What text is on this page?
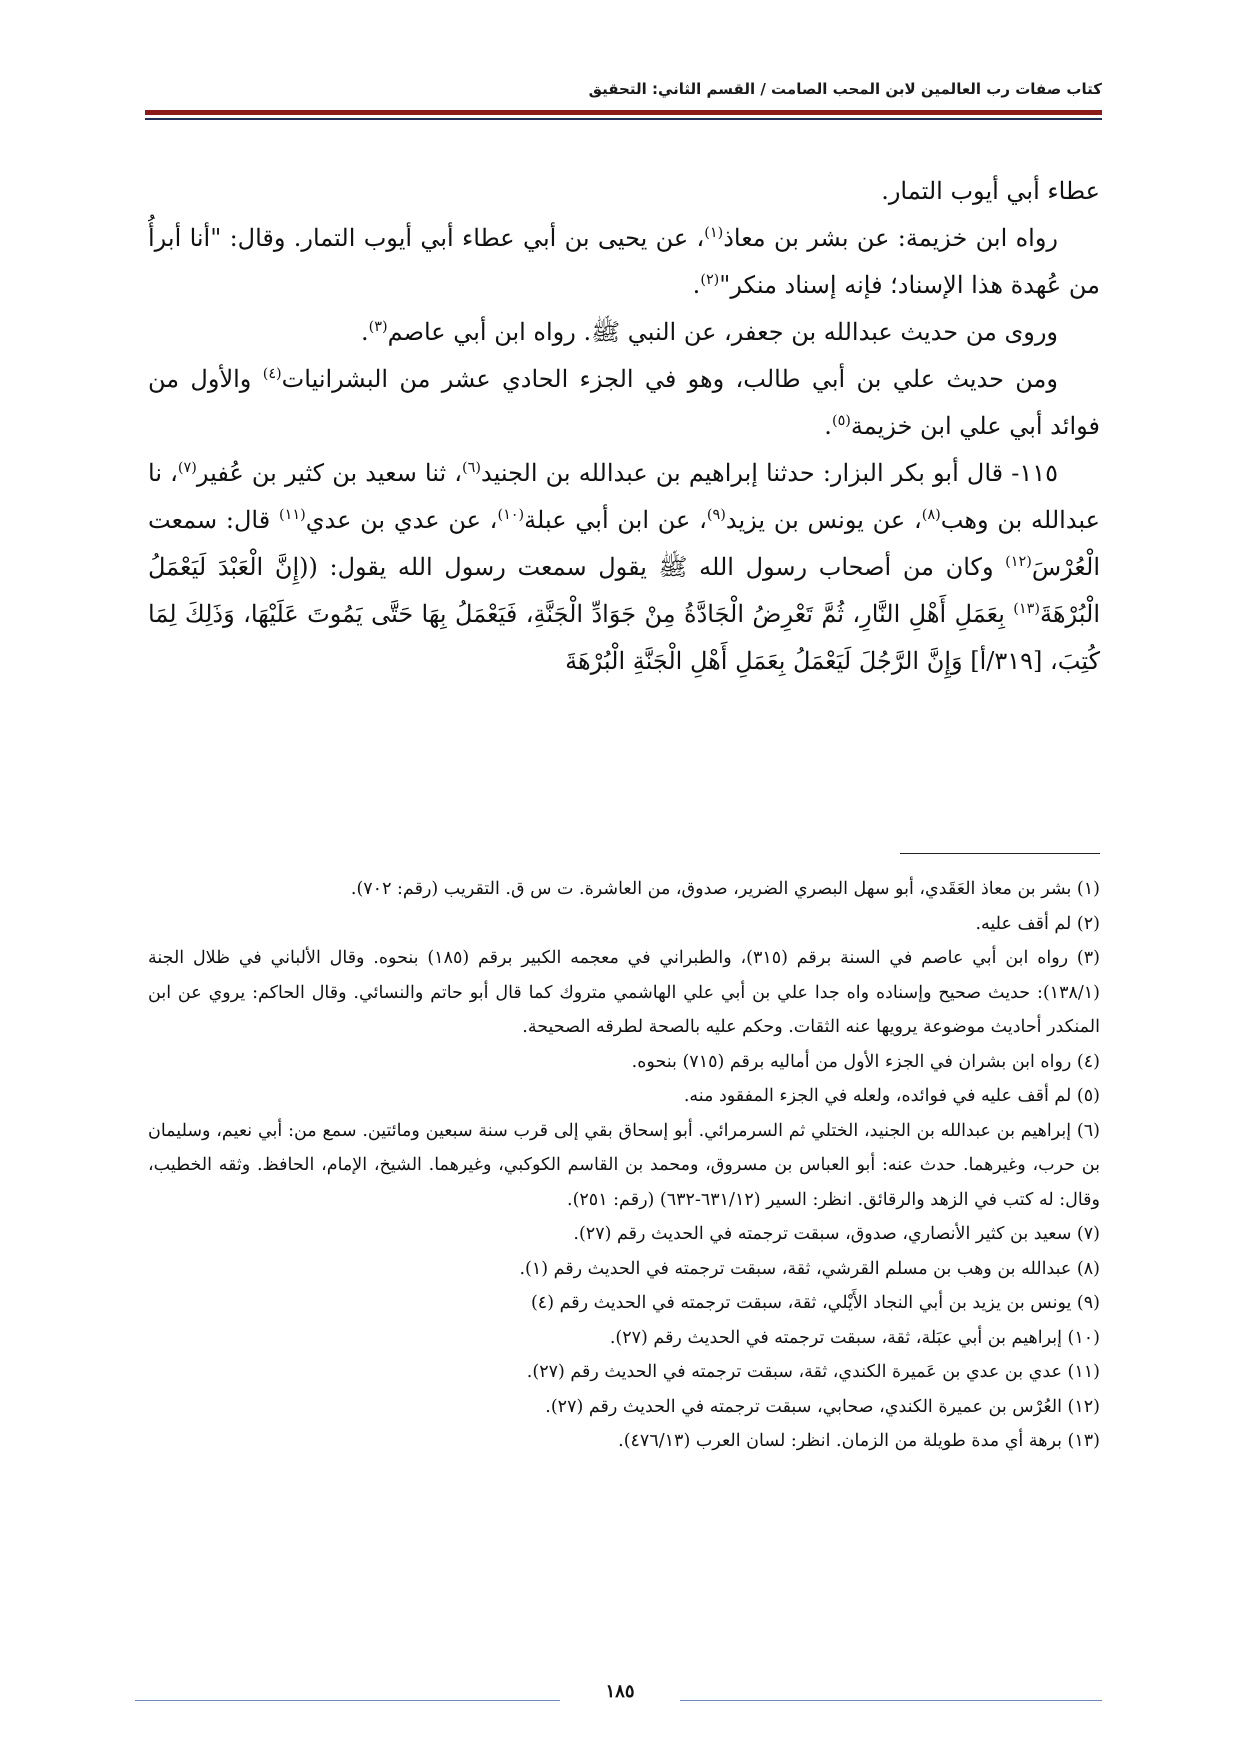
كتاب صفات رب العالمين لابن المحب الصامت / القسم الثاني: التحقيق

عطاء أبي أيوب التمار.

رواه ابن خزيمة: عن بشر بن معاذ$^{(١)}$، عن يحيى بن أبي عطاء أبي أيوب التمار. وقال: "أنا أبرأُ من عُهدة هذا الإسناد؛ فإنه إسناد منكر"$^{(٢)}$.

وروى من حديث عبدالله بن جعفر، عن النبي ﷺ. رواه ابن أبي عاصم$^{(٣)}$.

ومن حديث علي بن أبي طالب، وهو في الجزء الحادي عشر من البشرانيات$^{(٤)}$ والأول من فوائد أبي علي ابن خزيمة$^{(٥)}$.

١١٥- قال أبو بكر البزار: حدثنا إبراهيم بن عبدالله بن الجنيد$^{(٦)}$، ثنا سعيد بن كثير بن عُفير$^{(٧)}$، نا عبدالله بن وهب$^{(٨)}$، عن يونس بن يزيد$^{(٩)}$، عن ابن أبي عبلة$^{(١٠)}$، عن عدي بن عدي$^{(١١)}$ قال: سمعت الْعُرْسَ$^{(١٢)}$ وكان من أصحاب رسول الله ﷺ يقول سمعت رسول الله يقول: ((إِنَّ الْعَبْدَ لَيَعْمَلُ الْبُرْهَةَ$^{(١٣)}$ بِعَمَلِ أَهْلِ النَّارِ، ثُمَّ تَعْرِضُ الْجَادَّةُ مِنْ جَوَادِّ الْجَنَّةِ، فَيَعْمَلُ بِهَا حَتَّى يَمُوتَ عَلَيْهَا، وَذَلِكَ لِمَا كُتِبَ، [٣١٩/أ] وَإِنَّ الرَّجُلَ لَيَعْمَلُ بِعَمَلِ أَهْلِ الْجَنَّةِ الْبُرْهَةَ

(١) بشر بن معاذ العَقَدي، أبو سهل البصري الضرير، صدوق، من العاشرة. ت س ق. التقريب (رقم: ٧٠٢).

(٢) لم أقف عليه.

(٣) رواه ابن أبي عاصم في السنة برقم (٣١٥)، والطبراني في معجمه الكبير برقم (١٨٥) بنحوه. وقال الألباني في ظلال الجنة (١٣٨/١): حديث صحيح وإسناده واه جدا علي بن أبي علي الهاشمي متروك كما قال أبو حاتم والنسائي. وقال الحاكم: يروي عن ابن المنكدر أحاديث موضوعة يرويها عنه الثقات. وحكم عليه بالصحة لطرقه الصحيحة.

(٤) رواه ابن بشران في الجزء الأول من أماليه برقم (٧١٥) بنحوه.

(٥) لم أقف عليه في فوائده، ولعله في الجزء المفقود منه.

(٦) إبراهيم بن عبدالله بن الجنيد، الختلي ثم السرمرائي. أبو إسحاق بقي إلى قرب سنة سبعين ومائتين. سمع من: أبي نعيم، وسليمان بن حرب، وغيرهما. حدث عنه: أبو العباس بن مسروق، ومحمد بن القاسم الكوكبي، وغيرهما. الشيخ، الإمام، الحافظ. وثقه الخطيب، وقال: له كتب في الزهد والرقائق. انظر: السير (٦٣١/١٢-٦٣٢) (رقم: ٢٥١).

(٧) سعيد بن كثير الأنصاري، صدوق، سبقت ترجمته في الحديث رقم (٢٧).

(٨) عبدالله بن وهب بن مسلم القرشي، ثقة، سبقت ترجمته في الحديث رقم (١).

(٩) يونس بن يزيد بن أبي النجاد الأَيْلي، ثقة، سبقت ترجمته في الحديث رقم (٤)

(١٠) إبراهيم بن أبي عبَلة، ثقة، سبقت ترجمته في الحديث رقم (٢٧).

(١١) عدي بن عدي بن عَميرة الكندي، ثقة، سبقت ترجمته في الحديث رقم (٢٧).

(١٢) العُرْس بن عميرة الكندي، صحابي، سبقت ترجمته في الحديث رقم (٢٧).

(١٣) برهة أي مدة طويلة من الزمان. انظر: لسان العرب (٤٧٦/١٣).

١٨٥
